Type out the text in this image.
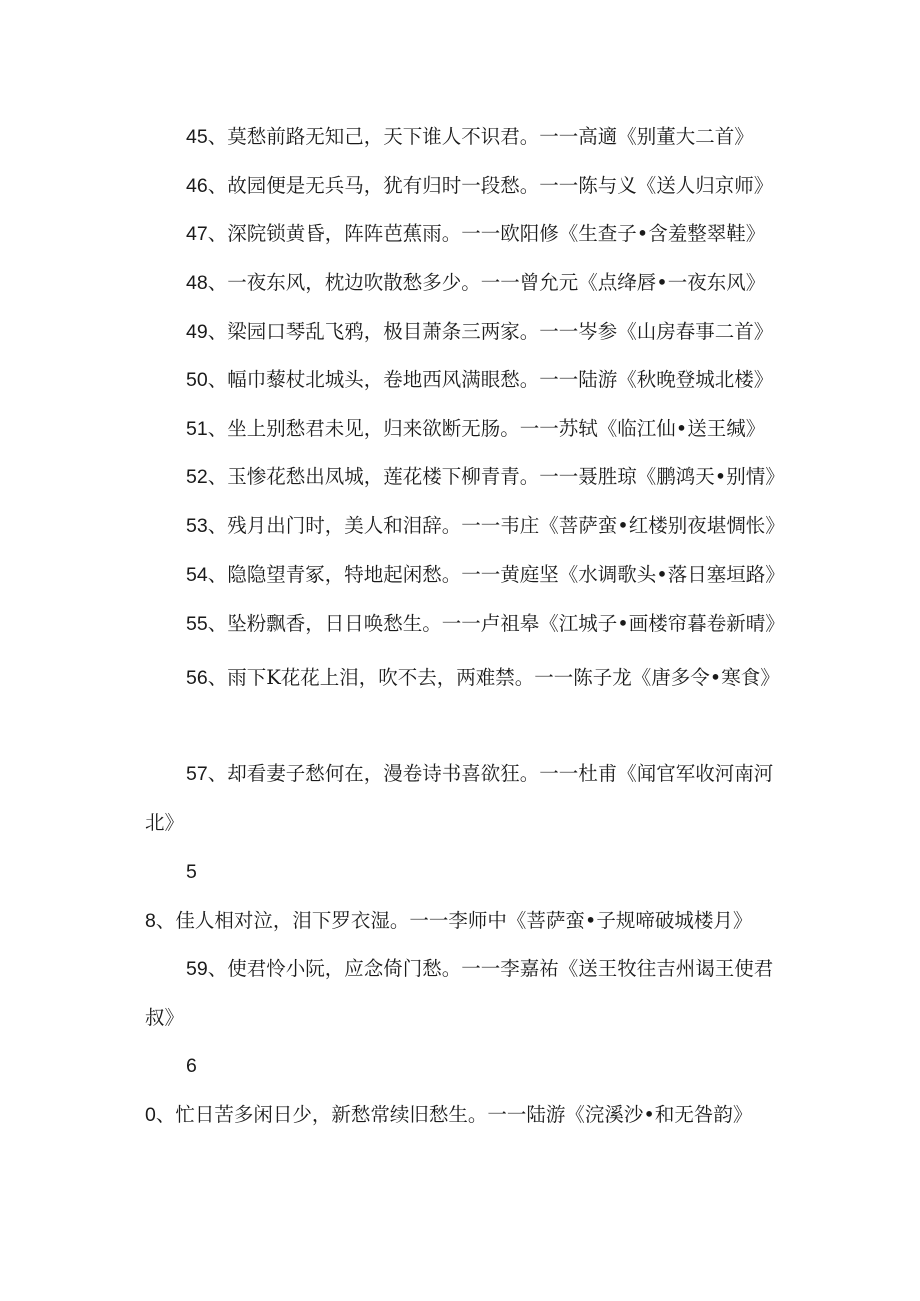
45、莫愁前路无知己，天下谁人不识君。一一高適《别董大二首》
46、故园便是无兵马，犹有归时一段愁。一一陈与义《送人归京师》
47、深院锁黄昏，阵阵芭蕉雨。一一欧阳修《生查子•含羞整翠鞋》
48、一夜东风，枕边吹散愁多少。一一曾允元《点绛唇•一夜东风》
49、梁园口琴乱飞鸦，极目萧条三两家。一一岑参《山房春事二首》
50、幅巾藜杖北城头，卷地西风满眼愁。一一陆游《秋晚登城北楼》
51、坐上别愁君未见，归来欲断无肠。一一苏轼《临江仙•送王缄》
52、玉惨花愁出凤城，莲花楼下柳青青。一一聂胜琼《鹏鸿天•别情》
53、残月出门时，美人和泪辞。一一韦庄《菩萨蛮•红楼别夜堪惆怅》
54、隐隐望青冢，特地起闲愁。一一黄庭坚《水调歌头•落日塞垣路》
55、坠粉飘香，日日唤愁生。一一卢祖皋《江城子•画楼帘暮卷新晴》
56、雨下K花花上泪，吹不去，两难禁。一一陈子龙《唐多令•寒食》
57、却看妻子愁何在，漫卷诗书喜欲狂。一一杜甫《闻官军收河南河北》
58、佳人相对泣，泪下罗衣湿。一一李师中《菩萨蛮•子规啼破城楼月》
59、使君怜小阮，应念倚门愁。一一李嘉祐《送王牧往吉州谒王使君叔》
60、忙日苦多闲日少，新愁常续旧愁生。一一陆游《浣溪沙•和无咎韵》
